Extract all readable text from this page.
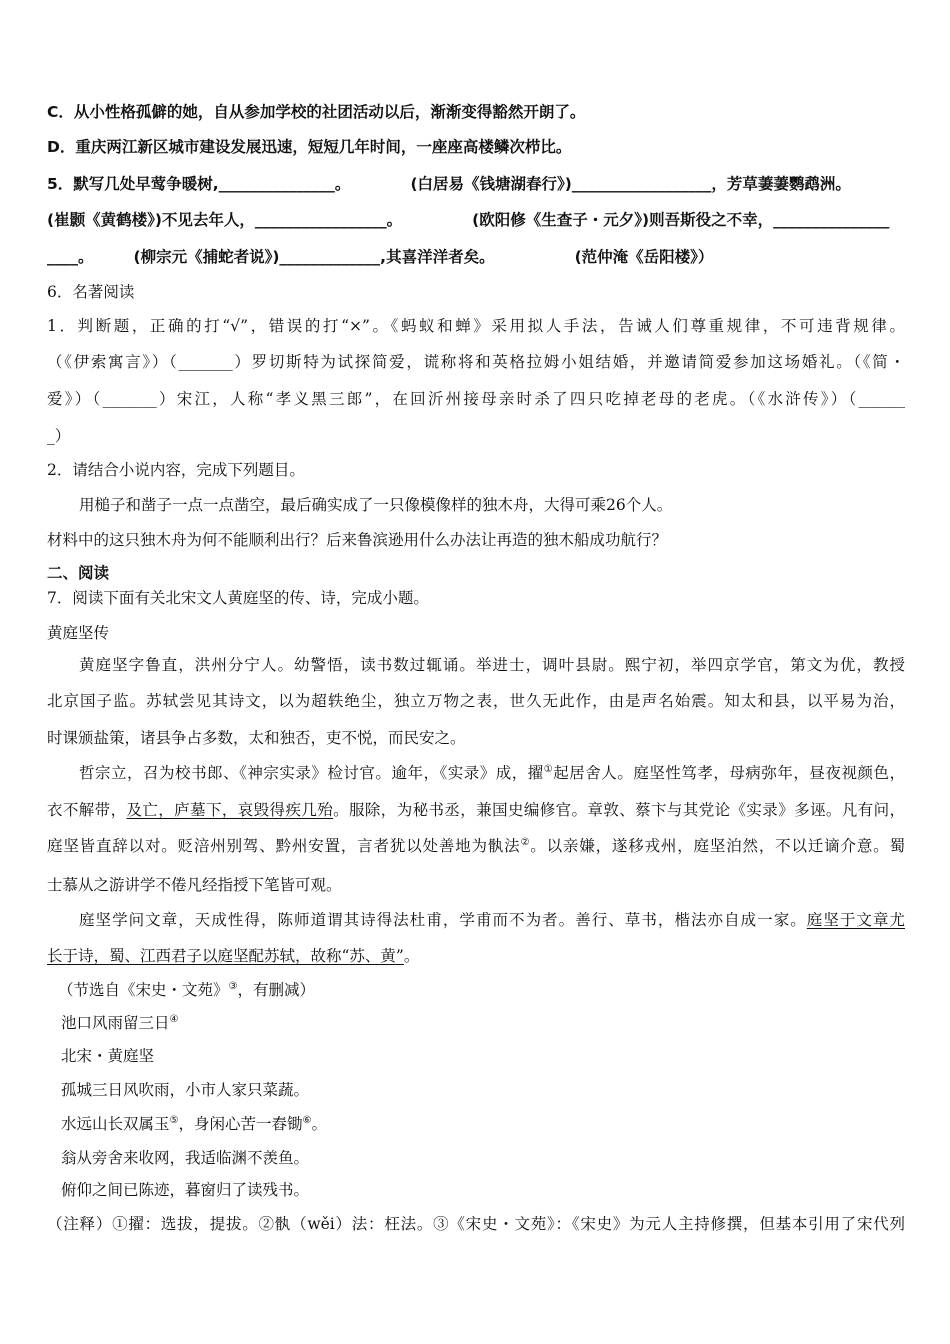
C．从小性格孤僻的她，自从参加学校的社团活动以后，渐渐变得豁然开朗了。
D．重庆两江新区城市建设发展迅速，短短几年时间，一座座高楼鳞次栉比。
5．默写几处早莺争暖树,_______________。	(白居易《钱塘湖春行》)__________________，芳草萋萋鹦鹉洲。
(崔颢《黄鹤楼》)不见去年人，_________________。	(欧阳修《生查子・元夕》)则吾斯役之不幸，_______________
____。	(柳宗元《捕蛇者说》)_____________,其喜洋洋者矣。	(范仲淹《岳阳楼》）
6．名著阅读
1．判断题，正确的打“√”，错误的打“×”。《蚂蚁和蝉》采用拟人手法，告诫人们尊重规律，不可违背规律。
（《伊索寓言》）（_______）罗切斯特为试探简爱，谎称将和英格拉姆小姐结婚，并邀请简爱参加这场婚礼。（《简・
爱》）（_______）宋江，人称“孝义黑三郎”，在回沂州接母亲时杀了四只吃掉老母的老虎。（《水浒传》）（______
_）
2．请结合小说内容，完成下列题目。
用槌子和凿子一点一点凿空，最后确实成了一只像模像样的独木舟，大得可乘26个人。
材料中的这只独木舟为何不能顺利出行？后来鲁滨逊用什么办法让再造的独木船成功航行？
二、阅读
7．阅读下面有关北宋文人黄庭坚的传、诗，完成小题。
黄庭坚传
黄庭坚字鲁直，洪州分宁人。幼警悟，读书数过辄诵。举进士，调叶县尉。熙宁初，举四京学官，第文为优，教授
北京国子监。苏轼尝见其诗文，以为超轶绝尘，独立万物之表，世久无此作，由是声名始震。知太和县，以平易为治，
时课颁盐策，诸县争占多数，太和独否，吏不悦，而民安之。
哲宗立，召为校书郎、《神宗实录》检讨官。逾年，《实录》成，擢①起居舍人。庭坚性笃孝，母病弥年，昼夜视颜色，
衣不解带，及亡，庐墓下，哀毁得疾几殆。服除，为秘书丞，兼国史编修官。章敦、蔡卞与其党论《实录》多诬。凡有问，
庭坚皆直辞以对。贬涪州别驾、黔州安置，言者犹以处善地为骫法②。以亲嫌，遂移戎州，庭坚泊然，不以迁谪介意。蜀
士慕从之游讲学不倦凡经指授下笔皆可观。
庭坚学问文章，天成性得，陈师道谓其诗得法杜甫，学甫而不为者。善行、草书，楷法亦自成一家。庭坚于文章尤
长于诗，蜀、江西君子以庭坚配苏轼，故称“苏、黄”。
（节选自《宋史・文苑》③，有删减）
池口风雨留三日④
北宋・黄庭坚
孤城三日风吹雨，小市人家只菜蔬。
水远山长双属玉⑤，身闲心苦一舂锄⑥。
翁从旁舍来收网，我适临渊不羡鱼。
俯仰之间已陈迹，暮窗归了读残书。
（注释）①擢：选拔，提拔。②骫（wěi）法：枉法。③《宋史・文苑》：《宋史》为元人主持修撰，但基本引用了宋代列
